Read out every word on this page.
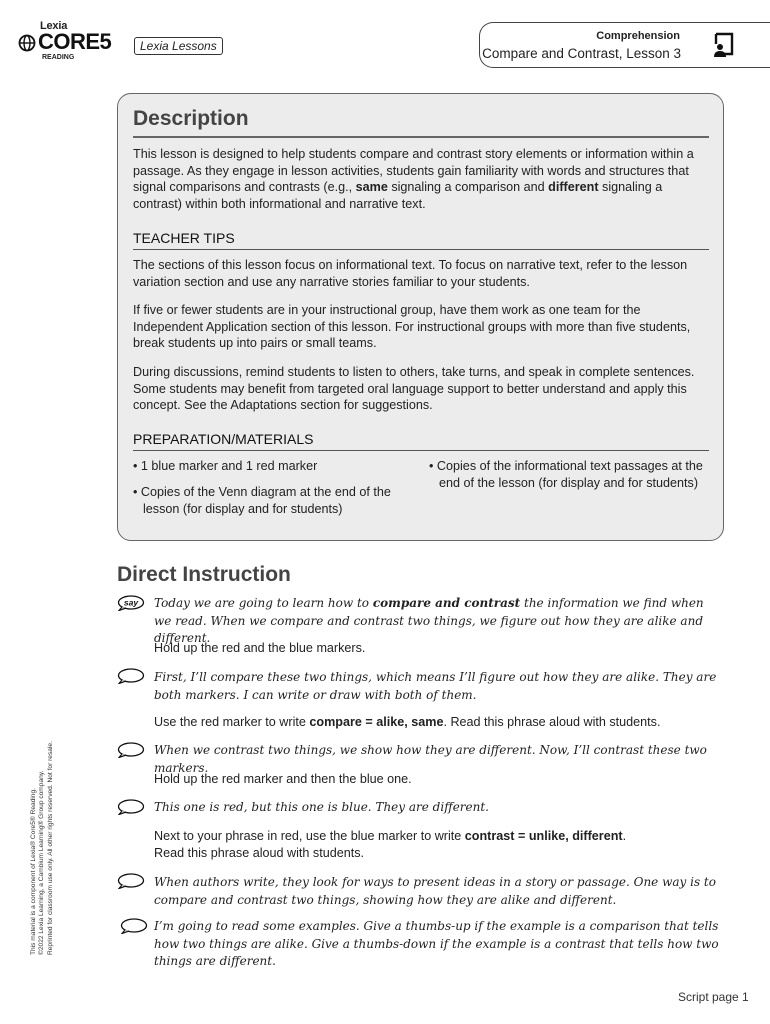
Lexia
CORE5
READING
Lexia Lessons
Comprehension
Compare and Contrast, Lesson 3
Description
This lesson is designed to help students compare and contrast story elements or information within a passage. As they engage in lesson activities, students gain familiarity with words and structures that signal comparisons and contrasts (e.g., same signaling a comparison and different signaling a contrast) within both informational and narrative text.
TEACHER TIPS
The sections of this lesson focus on informational text. To focus on narrative text, refer to the lesson variation section and use any narrative stories familiar to your students.
If five or fewer students are in your instructional group, have them work as one team for the Independent Application section of this lesson. For instructional groups with more than five students, break students up into pairs or small teams.
During discussions, remind students to listen to others, take turns, and speak in complete sentences. Some students may benefit from targeted oral language support to better understand and apply this concept. See the Adaptations section for suggestions.
PREPARATION/MATERIALS
• 1 blue marker and 1 red marker
• Copies of the Venn diagram at the end of the lesson (for display and for students)
• Copies of the informational text passages at the end of the lesson (for display and for students)
Direct Instruction
say Today we are going to learn how to compare and contrast the information we find when we read. When we compare and contrast two things, we figure out how they are alike and different.
Hold up the red and the blue markers.
First, I’ll compare these two things, which means I’ll figure out how they are alike. They are both markers. I can write or draw with both of them.
Use the red marker to write compare = alike, same. Read this phrase aloud with students.
When we contrast two things, we show how they are different. Now, I’ll contrast these two markers.
Hold up the red marker and then the blue one.
This one is red, but this one is blue. They are different.
Next to your phrase in red, use the blue marker to write contrast = unlike, different.
Read this phrase aloud with students.
When authors write, they look for ways to present ideas in a story or passage. One way is to compare and contrast two things, showing how they are alike and different.
I’m going to read some examples. Give a thumbs-up if the example is a comparison that tells how two things are alike. Give a thumbs-down if the example is a contrast that tells how two things are different.
This material is a component of Lexia® Core5® Reading. ©2022 Lexia Learning, a Cambium Learning® Group company. Reprinted for classroom use only. All other rights reserved. Not for resale.
Script page 1
